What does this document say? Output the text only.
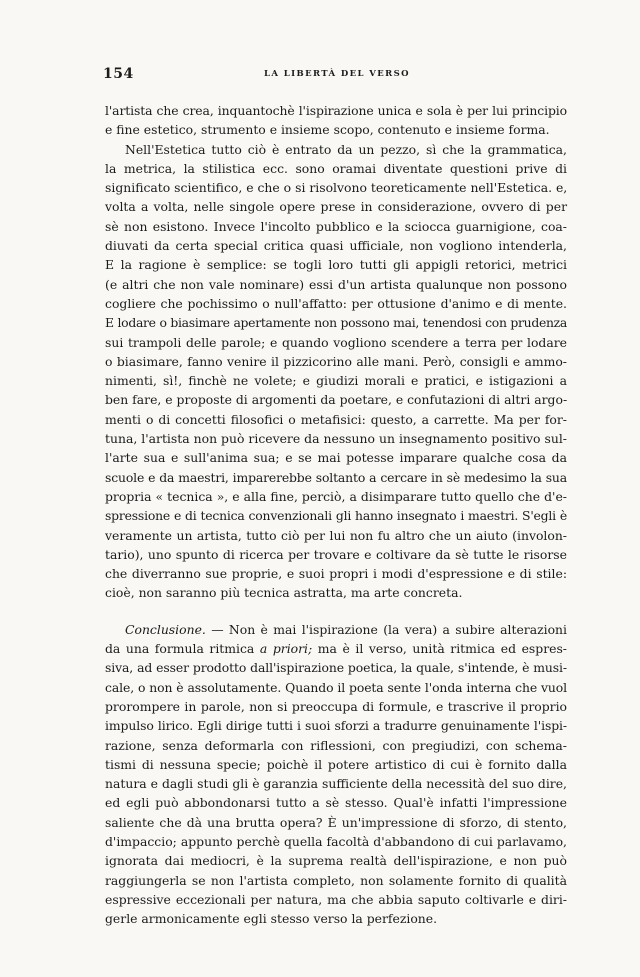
154	LA LIBERTÀ DEL VERSO
l'artista che crea, inquantochè l'ispirazione unica e sola è per lui principio
e fine estetico, strumento e insieme scopo, contenuto e insieme forma.
Nell'Estetica tutto ciò è entrato da un pezzo, sì che la grammatica,
la metrica, la stilistica ecc. sono oramai diventate questioni prive di
significato scientifico, e che o si risolvono teoreticamente nell'Estetica. e,
volta a volta, nelle singole opere prese in considerazione, ovvero di per
sè non esistono. Invece l'incolto pubblico e la sciocca guarnigione, coa-
diuvati da certa special critica quasi ufficiale, non vogliono intenderla,
E la ragione è semplice: se togli loro tutti gli appigli retorici, metrici
(e altri che non vale nominare) essi d'un artista qualunque non possono
cogliere che pochissimo o null'affatto: per ottusione d'animo e di mente.
E lodare o biasimare apertamente non possono mai, tenendosi con prudenza
sui trampoli delle parole; e quando vogliono scendere a terra per lodare
o biasimare, fanno venire il pizzicorino alle mani. Però, consigli e ammo-
nimenti, sì!, finchè ne volete; e giudizi morali e pratici, e istigazioni a
ben fare, e proposte di argomenti da poetare, e confutazioni di altri argo-
menti o di concetti filosofici o metafisici: questo, a carrette. Ma per for-
tuna, l'artista non può ricevere da nessuno un insegnamento positivo sul-
l'arte sua e sull'anima sua; e se mai potesse imparare qualche cosa da
scuole e da maestri, imparerebbe soltanto a cercare in sè medesimo la sua
propria « tecnica », e alla fine, perciò, a disimparare tutto quello che d'e-
spressione e di tecnica convenzionali gli hanno insegnato i maestri. S'egli è
veramente un artista, tutto ciò per lui non fu altro che un aiuto (involon-
tario), uno spunto di ricerca per trovare e coltivare da sè tutte le risorse
che diverranno sue proprie, e suoi propri i modi d'espressione e di stile:
cioè, non saranno più tecnica astratta, ma arte concreta.
Conclusione. — Non è mai l'ispirazione (la vera) a subire alterazioni
da una formula ritmica a priori; ma è il verso, unità ritmica ed espres-
siva, ad esser prodotto dall'ispirazione poetica, la quale, s'intende, è musi-
cale, o non è assolutamente. Quando il poeta sente l'onda interna che vuol
prorompere in parole, non si preoccupa di formule, e trascrive il proprio
impulso lirico. Egli dirige tutti i suoi sforzi a tradurre genuinamente l'ispi-
razione, senza deformarla con riflessioni, con pregiudizi, con schema-
tismi di nessuna specie; poichè il potere artistico di cui è fornito dalla
natura e dagli studi gli è garanzia sufficiente della necessità del suo dire,
ed egli può abbondonarsi tutto a sè stesso. Qual'è infatti l'impressione
saliente che dà una brutta opera? È un'impressione di sforzo, di stento,
d'impaccio; appunto perchè quella facoltà d'abbandono di cui parlavamo,
ignorata dai mediocri, è la suprema realtà dell'ispirazione, e non può
raggiungerla se non l'artista completo, non solamente fornito di qualità
espressive eccezionali per natura, ma che abbia saputo coltivarle e diri-
gerle armonicamente egli stesso verso la perfezione.
